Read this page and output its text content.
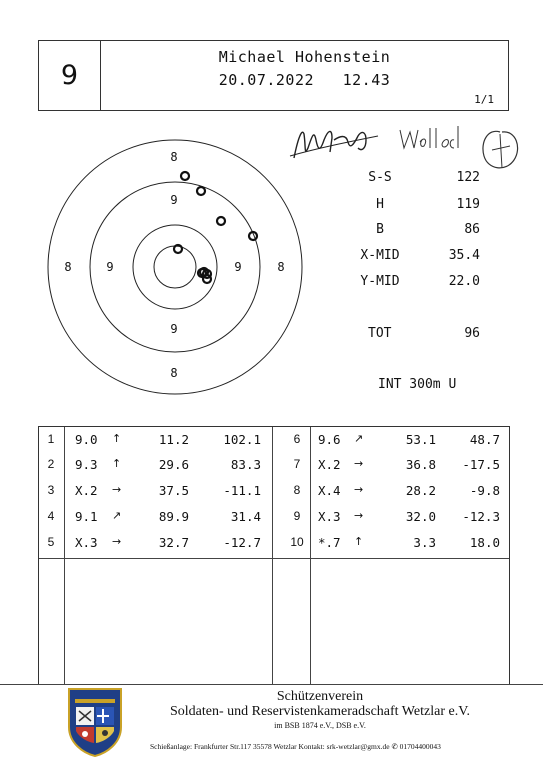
9
Michael Hohenstein
20.07.2022 12.43
1/1
8
9
8	9	9	8
9
8
S-S	122
H	119
B	86
X-MID	35.4
Y-MID	22.0
TOT	96
INT 300m U
1	9.0 ↑	11.2	102.1
2	9.3 ↑	29.6	83.3
3	X.2 →	37.5	-11.1
4	9.1 ↗	89.9	31.4
5	X.3 →	32.7	-12.7
6	9.6 ↗	53.1	48.7
7	X.2 →	36.8	-17.5
8	X.4 →	28.2	-9.8
9	X.3 →	32.0	-12.3
10	*.7 ↑	3.3	18.0
Schützenverein
Soldaten- und Reservistenkameradschaft Wetzlar e.V.
im BSB 1874 e.V., DSB e.V.
Schießanlage: Frankfurter Str.117 35578 Wetzlar Kontakt: srk-wetzlar@gmx.de ✆ 01704400043
